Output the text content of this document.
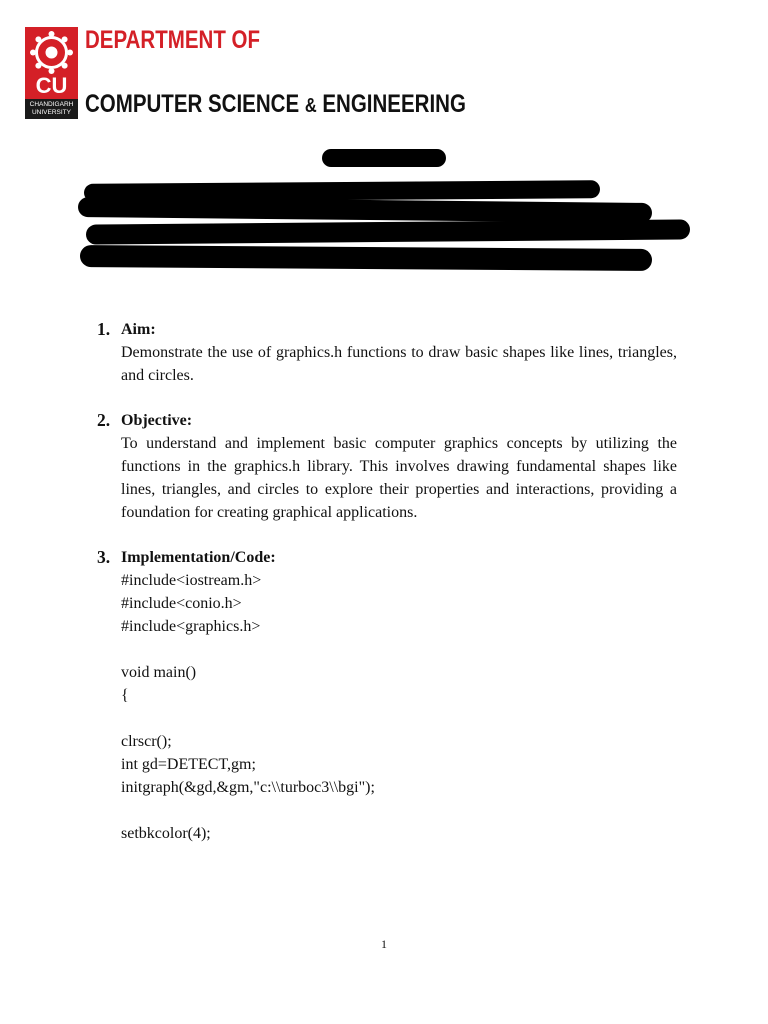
CU
CHANDIGARH
UNIVERSITY
DEPARTMENT OF
COMPUTER SCIENCE & ENGINEERING
1. Aim:
Demonstrate the use of graphics.h functions to draw basic shapes like lines, triangles, and circles.
2. Objective:
To understand and implement basic computer graphics concepts by utilizing the functions in the graphics.h library. This involves drawing fundamental shapes like lines, triangles, and circles to explore their properties and interactions, providing a foundation for creating graphical applications.
3. Implementation/Code:
#include<iostream.h>
#include<conio.h>
#include<graphics.h>
void main()
{
clrscr();
int gd=DETECT,gm;
initgraph(&gd,&gm,"c:\\turboc3\\bgi");
setbkcolor(4);
1
